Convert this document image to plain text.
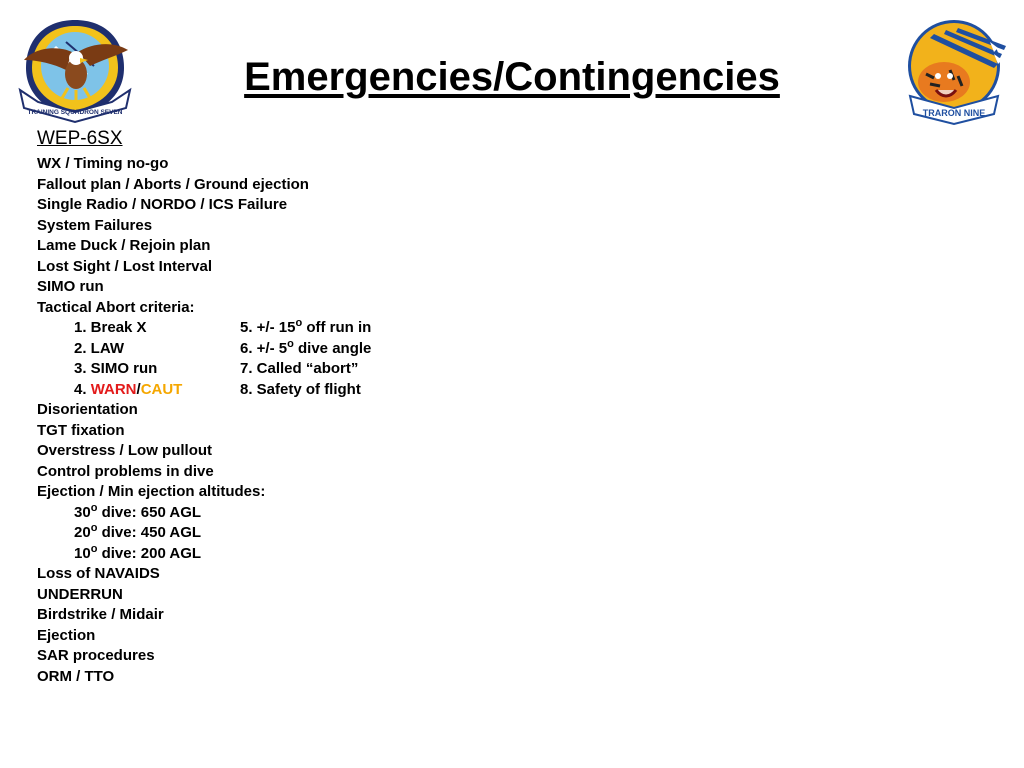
TRAINING SQUADRON SEVEN	TRARON NINE
Emergencies/Contingencies
WEP-6SX
WX / Timing no-go
Fallout plan / Aborts / Ground ejection
Single Radio / NORDO / ICS Failure
System Failures
Lame Duck / Rejoin plan
Lost Sight / Lost Interval
SIMO run
Tactical Abort criteria:
1. Break X	5. +/- 15$^o$ off run in
2. LAW	6. +/- 5$^o$ dive angle
3. SIMO run	7. Called “abort”
4. WARN/CAUT	8. Safety of flight
Disorientation
TGT fixation
Overstress / Low pullout
Control problems in dive
Ejection / Min ejection altitudes:
30$^o$ dive: 650 AGL
20$^o$ dive: 450 AGL
10$^o$ dive: 200 AGL
Loss of NAVAIDS
UNDERRUN
Birdstrike / Midair
Ejection
SAR procedures
ORM / TTO
